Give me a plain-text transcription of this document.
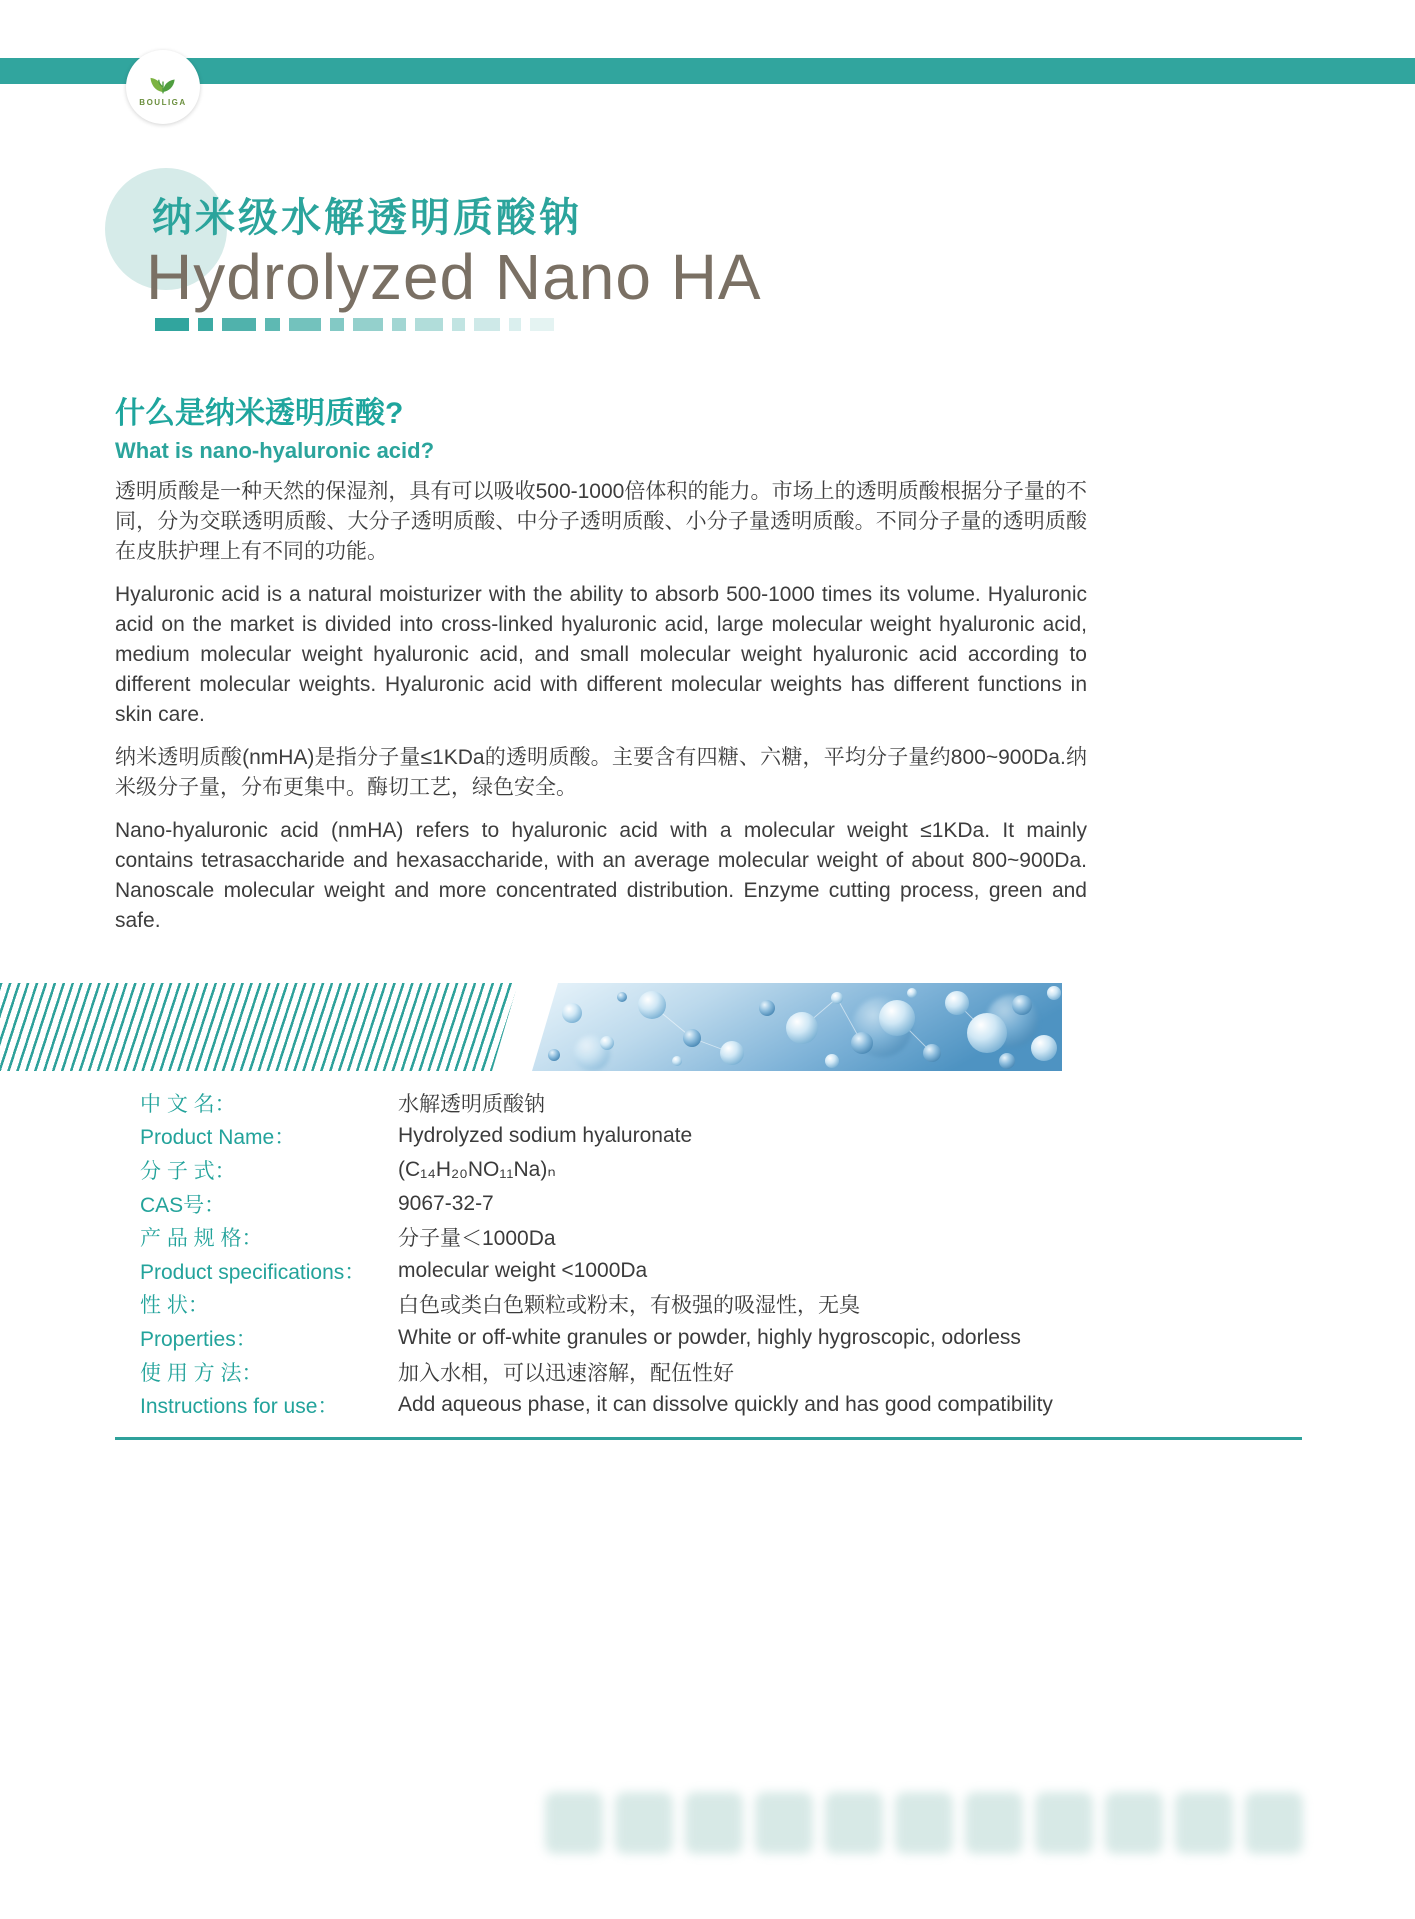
BOULIGA
纳米级水解透明质酸钠
Hydrolyzed Nano HA
什么是纳米透明质酸?
What is nano-hyaluronic acid?

透明质酸是一种天然的保湿剂，具有可以吸收500-1000倍体积的能力。市场上的透明质酸根据分子量的不同，分为交联透明质酸、大分子透明质酸、中分子透明质酸、小分子量透明质酸。不同分子量的透明质酸在皮肤护理上有不同的功能。

Hyaluronic acid is a natural moisturizer with the ability to absorb 500-1000 times its volume. Hyaluronic acid on the market is divided into cross-linked hyaluronic acid, large molecular weight hyaluronic acid, medium molecular weight hyaluronic acid, and small molecular weight hyaluronic acid according to different molecular weights. Hyaluronic acid with different molecular weights has different functions in skin care.

纳米透明质酸(nmHA)是指分子量≤1KDa的透明质酸。主要含有四糖、六糖，平均分子量约800~900Da.纳米级分子量，分布更集中。酶切工艺，绿色安全。

Nano-hyaluronic acid (nmHA) refers to hyaluronic acid with a molecular weight ≤1KDa. It mainly contains tetrasaccharide and hexasaccharide, with an average molecular weight of about 800~900Da. Nanoscale molecular weight and more concentrated distribution. Enzyme cutting process, green and safe.

中 文 名：	水解透明质酸钠
Product Name：	Hydrolyzed sodium hyaluronate
分 子 式：	(C₁₄H₂₀NO₁₁Na)ₙ
CAS号：	9067-32-7
产 品 规 格：	分子量＜1000Da
Product specifications：	molecular weight <1000Da
性 状：	白色或类白色颗粒或粉末，有极强的吸湿性，无臭
Properties：	White or off-white granules or powder, highly hygroscopic, odorless
使 用 方 法：	加入水相，可以迅速溶解，配伍性好
Instructions for use：	Add aqueous phase, it can dissolve quickly and has good compatibility
